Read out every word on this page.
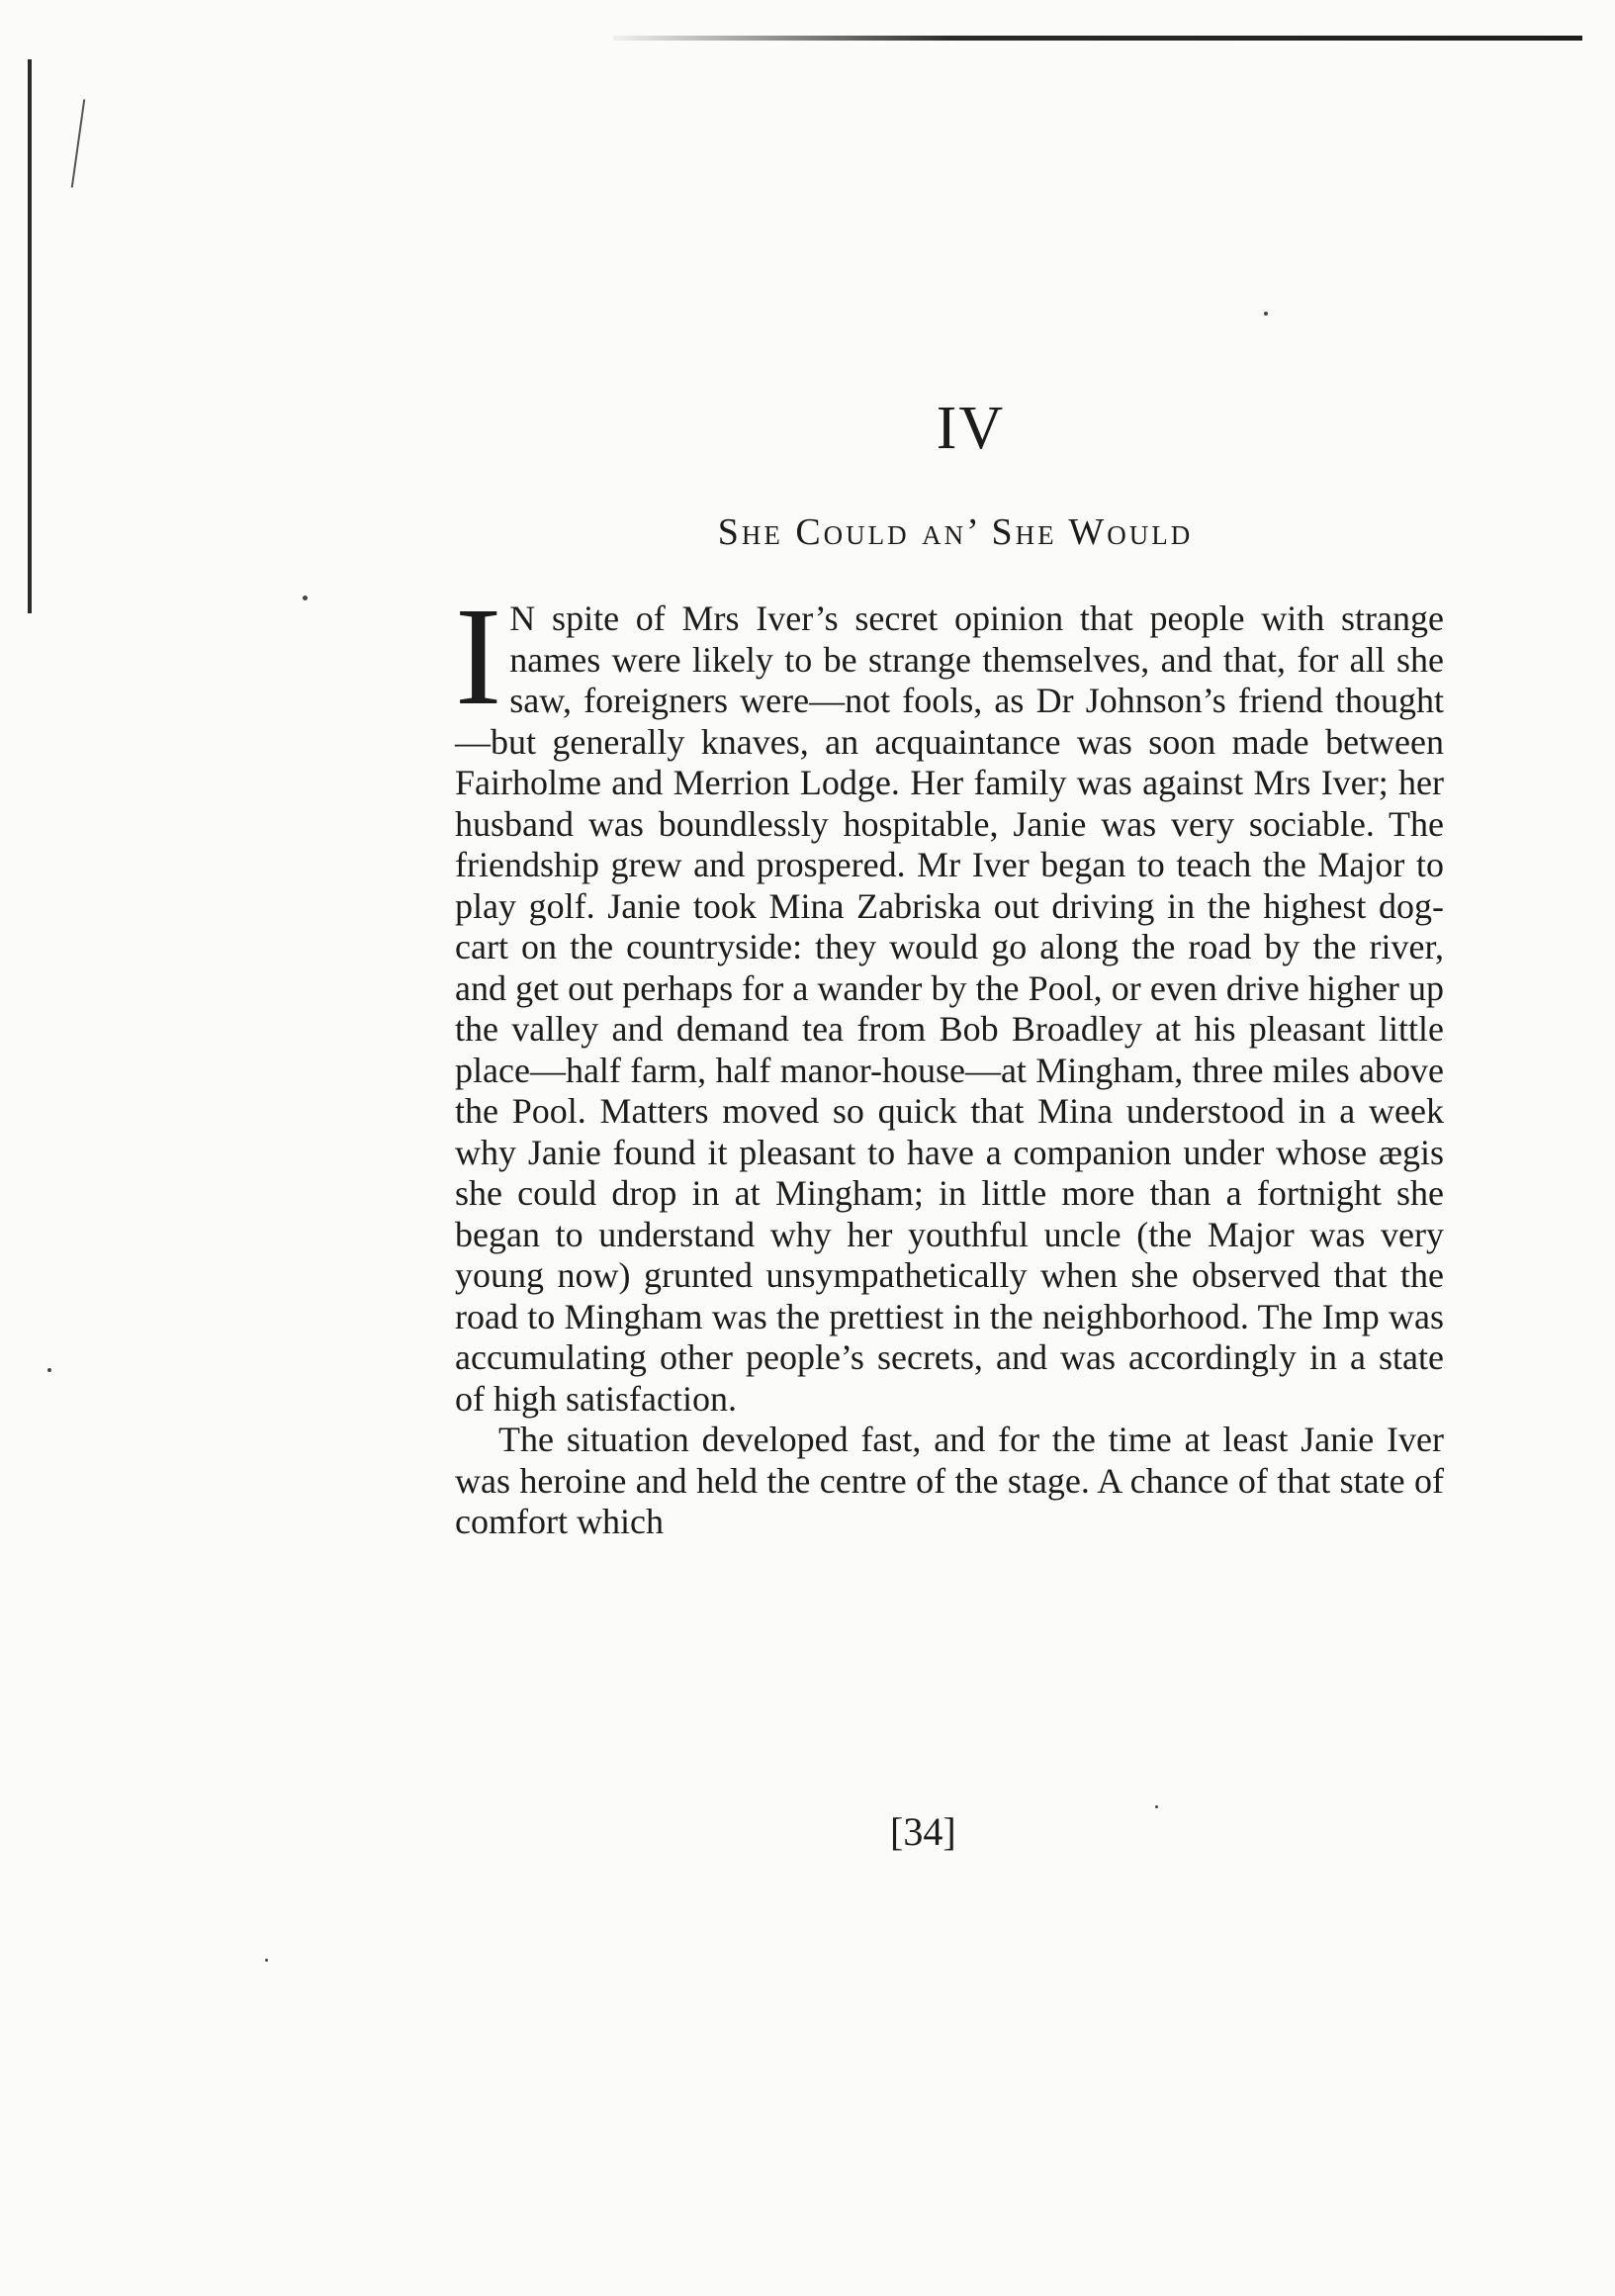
IV
She Could an’ She Would

I N spite of Mrs Iver’s secret opinion that people with strange names were likely to be strange themselves, and that, for all she saw, foreigners were—not fools, as Dr Johnson’s friend thought—but generally knaves, an acquaintance was soon made between Fairholme and Merrion Lodge. Her family was against Mrs Iver; her husband was boundlessly hospitable, Janie was very sociable. The friendship grew and prospered. Mr Iver began to teach the Major to play golf. Janie took Mina Zabriska out driving in the highest dog-cart on the countryside: they would go along the road by the river, and get out perhaps for a wander by the Pool, or even drive higher up the valley and demand tea from Bob Broadley at his pleasant little place—half farm, half manor-house—at Mingham, three miles above the Pool. Matters moved so quick that Mina understood in a week why Janie found it pleasant to have a companion under whose ægis she could drop in at Mingham; in little more than a fortnight she began to understand why her youthful uncle (the Major was very young now) grunted unsympathetically when she observed that the road to Mingham was the prettiest in the neighborhood. The Imp was accumulating other people’s secrets, and was accordingly in a state of high satisfaction.

The situation developed fast, and for the time at least Janie Iver was heroine and held the centre of the stage. A chance of that state of comfort which

[34]
